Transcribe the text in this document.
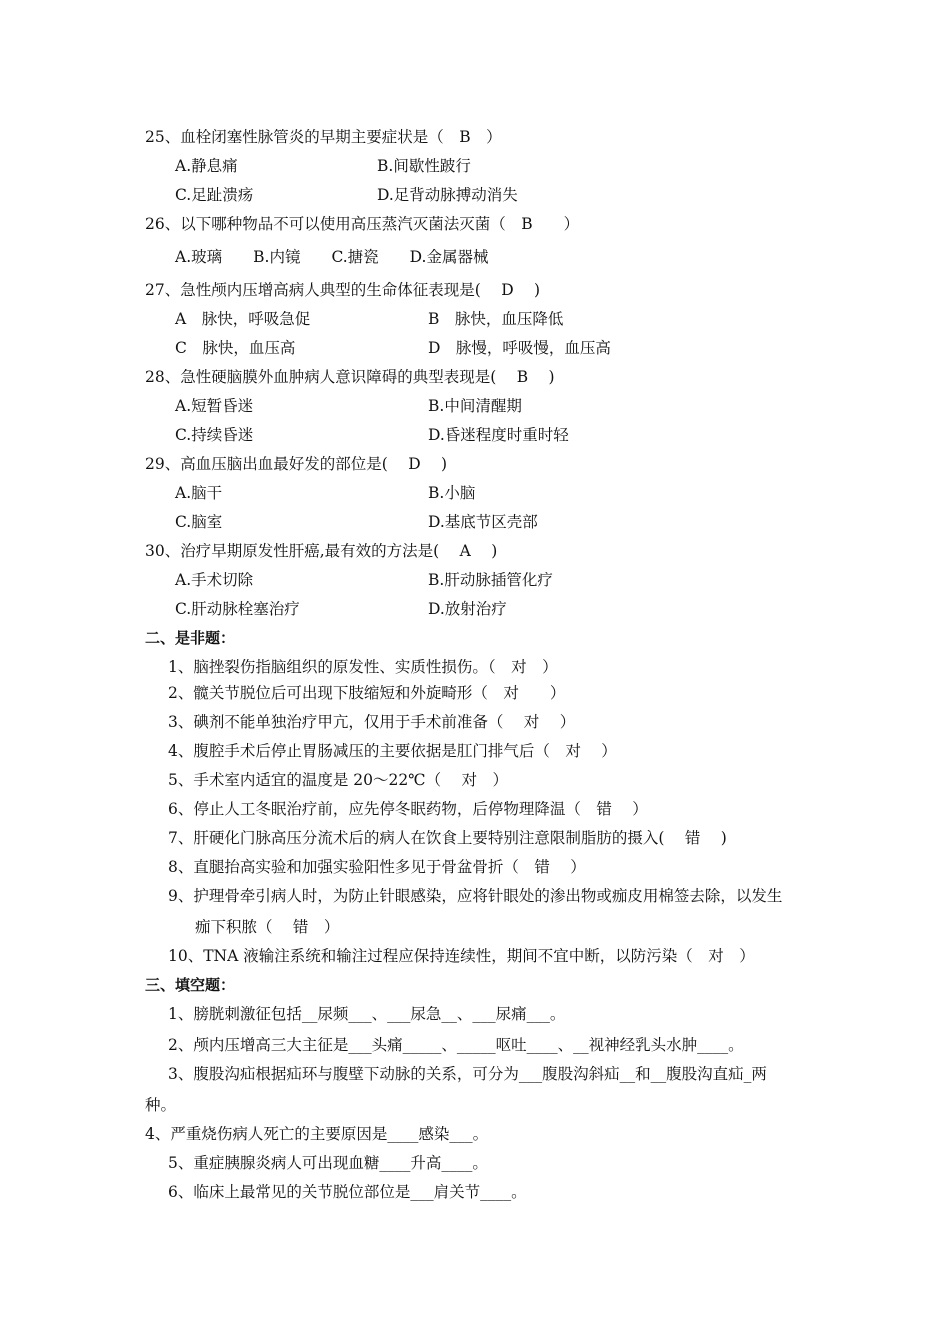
25、血栓闭塞性脉管炎的早期主要症状是（　B　）
A.静息痛	B.间歇性跛行
C.足趾溃疡	D.足背动脉搏动消失
26、以下哪种物品不可以使用高压蒸汽灭菌法灭菌（　B　　）
A.玻璃　　B.内镜　　C.搪瓷　　D.金属器械
27、急性颅内压增高病人典型的生命体征表现是(　 D　 )
A　脉快，呼吸急促	B　脉快，血压降低
C　脉快，血压高	D　脉慢，呼吸慢，血压高
28、急性硬脑膜外血肿病人意识障碍的典型表现是(　 B　 )
A.短暂昏迷	B.中间清醒期
C.持续昏迷	D.昏迷程度时重时轻
29、高血压脑出血最好发的部位是(　 D　 )
A.脑干	B.小脑
C.脑室	D.基底节区壳部
30、治疗早期原发性肝癌,最有效的方法是(　 A　 )
A.手术切除	B.肝动脉插管化疗
C.肝动脉栓塞治疗	D.放射治疗
二、是非题：
1、脑挫裂伤指脑组织的原发性、实质性损伤。（　对　）
2、髋关节脱位后可出现下肢缩短和外旋畸形（　对　　）
3、碘剂不能单独治疗甲亢，仅用于手术前准备（　 对　 ）
4、腹腔手术后停止胃肠减压的主要依据是肛门排气后（　对　 ）
5、手术室内适宜的温度是 20～22℃（　 对　）
6、停止人工冬眠治疗前，应先停冬眠药物，后停物理降温（　错　 ）
7、肝硬化门脉高压分流术后的病人在饮食上要特别注意限制脂肪的摄入(　 错　 )
8、直腿抬高实验和加强实验阳性多见于骨盆骨折（　错　 ）
9、护理骨牵引病人时，为防止针眼感染，应将针眼处的渗出物或痂皮用棉签去除，以发生
痂下积脓（　 错　）
10、TNA 液输注系统和输注过程应保持连续性，期间不宜中断，以防污染（　对　）
三、填空题：
1、膀胱刺激征包括__尿频___、___尿急__、___尿痛___。
2、颅内压增高三大主征是___头痛_____、_____呕吐____、__视神经乳头水肿____。
3、腹股沟疝根据疝环与腹壁下动脉的关系，可分为___腹股沟斜疝__和__腹股沟直疝_两
种。
4、严重烧伤病人死亡的主要原因是____感染___。
5、重症胰腺炎病人可出现血糖____升高____。
6、临床上最常见的关节脱位部位是___肩关节____。
